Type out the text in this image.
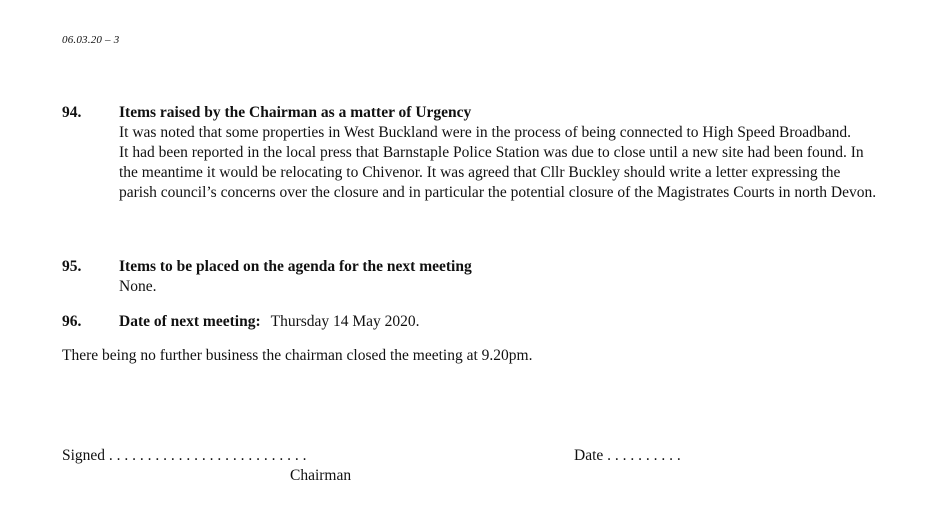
06.03.20 – 3
94. Items raised by the Chairman as a matter of Urgency
It was noted that some properties in West Buckland were in the process of being connected to High Speed Broadband.
It had been reported in the local press that Barnstaple Police Station was due to close until a new site had been found. In the meantime it would be relocating to Chivenor. It was agreed that Cllr Buckley should write a letter expressing the parish council’s concerns over the closure and in particular the potential closure of the Magistrates Courts in north Devon.
95. Items to be placed on the agenda for the next meeting
None.
96. Date of next meeting: Thursday 14 May 2020.
There being no further business the chairman closed the meeting at 9.20pm.
Signed . . . . . . . . . . . . . . . . . . . . . . . . . .
Chairman
Date . . . . . . . . . .
